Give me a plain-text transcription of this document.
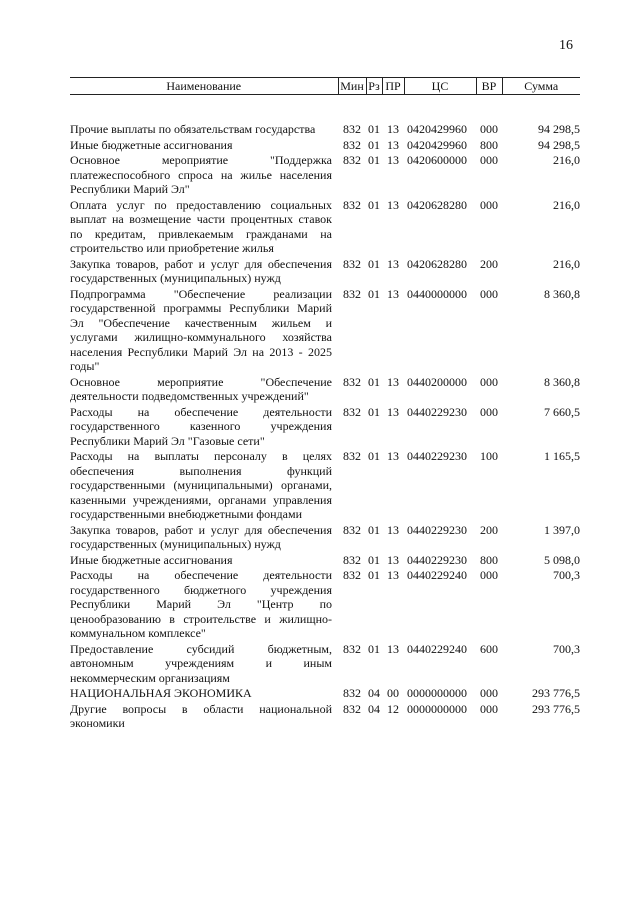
16
Наименование	Мин	Рз	ПР	ЦС	ВР	Сумма

Прочие выплаты по обязательствам государства	832	01	13	0420429960	000	94 298,5
Иные бюджетные ассигнования	832	01	13	0420429960	800	94 298,5
Основное мероприятие "Поддержка платежеспособного спроса на жилье населения Республики Марий Эл"	832	01	13	0420600000	000	216,0
Оплата услуг по предоставлению социальных выплат на возмещение части процентных ставок по кредитам, привлекаемым гражданами на строительство или приобретение жилья	832	01	13	0420628280	000	216,0
Закупка товаров, работ и услуг для обеспечения государственных (муниципальных) нужд	832	01	13	0420628280	200	216,0
Подпрограмма "Обеспечение реализации государственной программы Республики Марий Эл "Обеспечение качественным жильем и услугами жилищно-коммунального хозяйства населения Республики Марий Эл на 2013 - 2025 годы"	832	01	13	0440000000	000	8 360,8
Основное мероприятие "Обеспечение деятельности подведомственных учреждений"	832	01	13	0440200000	000	8 360,8
Расходы на обеспечение деятельности государственного казенного учреждения Республики Марий Эл "Газовые сети"	832	01	13	0440229230	000	7 660,5
Расходы на выплаты персоналу в целях обеспечения выполнения функций государственными (муниципальными) органами, казенными учреждениями, органами управления государственными внебюджетными фондами	832	01	13	0440229230	100	1 165,5
Закупка товаров, работ и услуг для обеспечения государственных (муниципальных) нужд	832	01	13	0440229230	200	1 397,0
Иные бюджетные ассигнования	832	01	13	0440229230	800	5 098,0
Расходы на обеспечение деятельности государственного бюджетного учреждения Республики Марий Эл "Центр по ценообразованию в строительстве и жилищно-коммунальном комплексе"	832	01	13	0440229240	000	700,3
Предоставление субсидий бюджетным, автономным учреждениям и иным некоммерческим организациям	832	01	13	0440229240	600	700,3
НАЦИОНАЛЬНАЯ ЭКОНОМИКА	832	04	00	0000000000	000	293 776,5
Другие вопросы в области национальной экономики	832	04	12	0000000000	000	293 776,5
